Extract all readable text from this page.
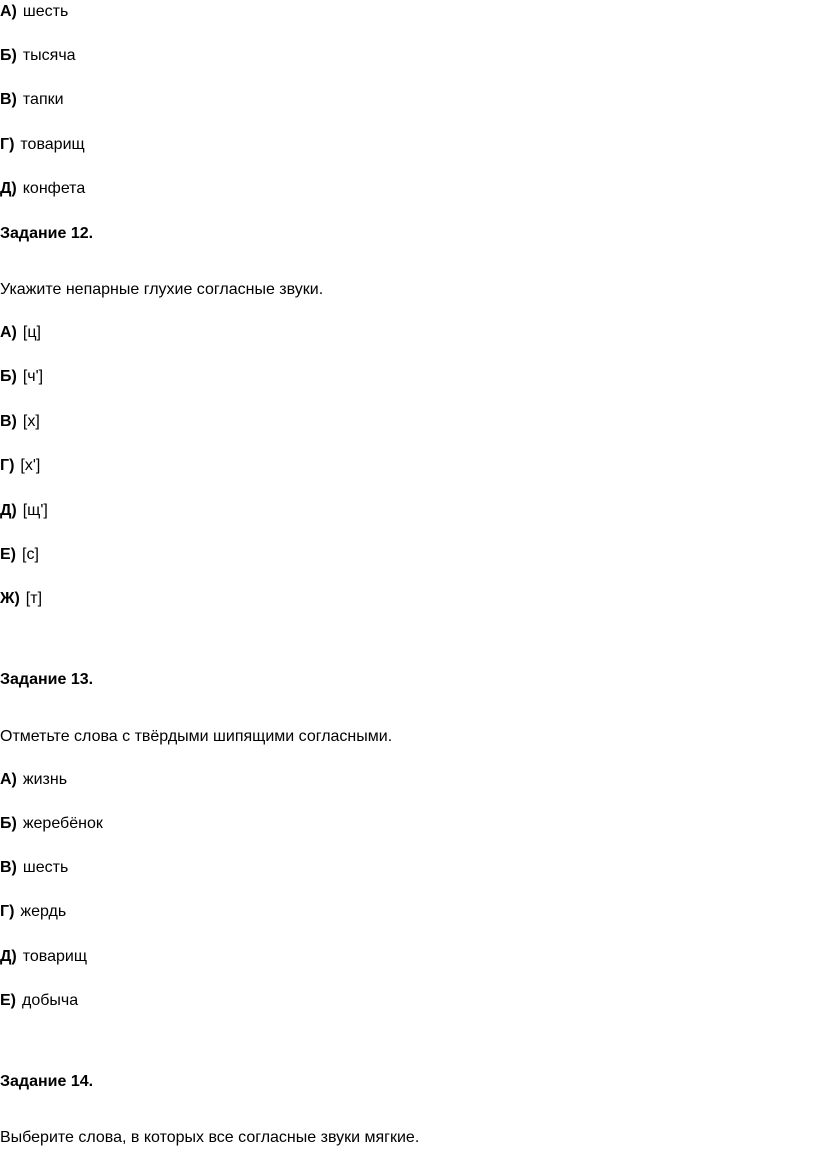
А) шесть
Б) тысяча
В) тапки
Г) товарищ
Д) конфета
Задание 12.
Укажите непарные глухие согласные звуки.
А) [ц]
Б) [ч']
В) [х]
Г) [х']
Д) [щ']
Е) [с]
Ж) [т]
Задание 13.
Отметьте слова с твёрдыми шипящими согласными.
А) жизнь
Б) жеребёнок
В) шесть
Г) жердь
Д) товарищ
Е) добыча
Задание 14.
Выберите слова, в которых все согласные звуки мягкие.
